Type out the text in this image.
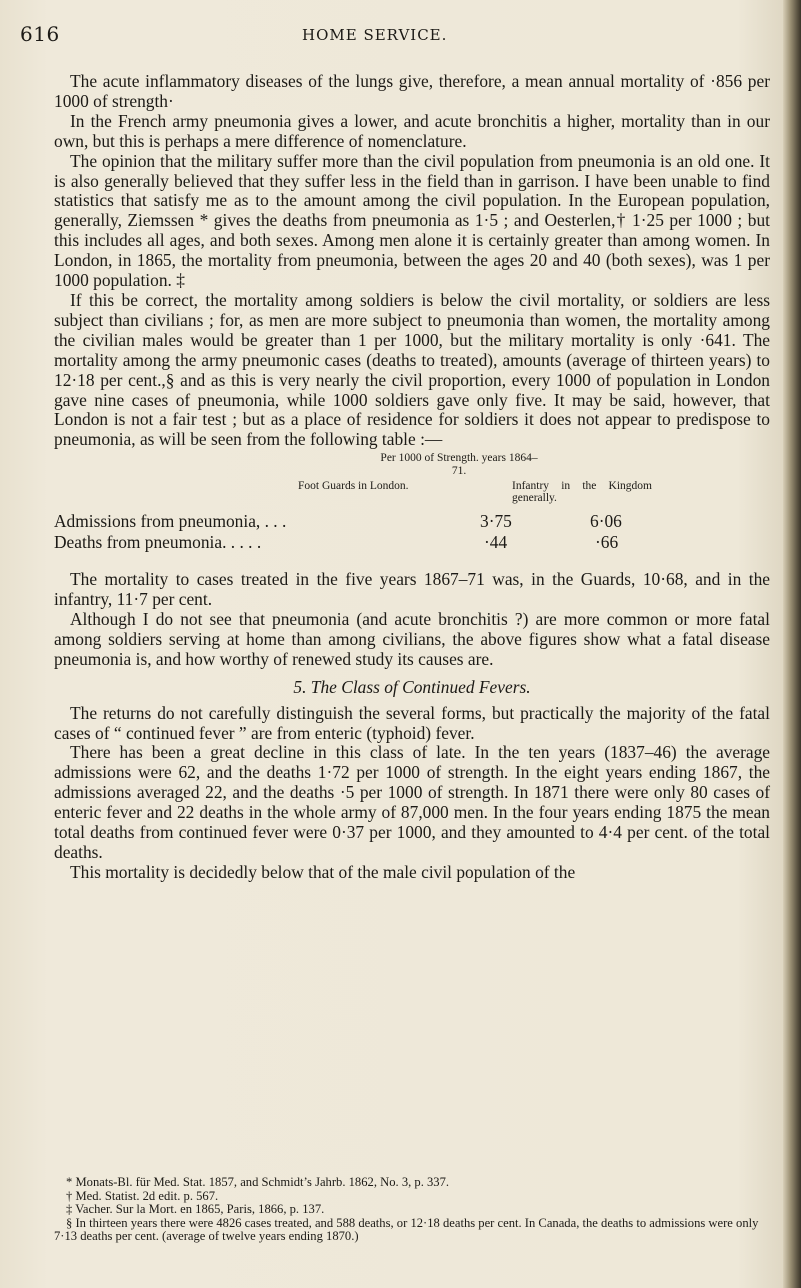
616	HOME SERVICE.

The acute inflammatory diseases of the lungs give, therefore, a mean annual mortality of ·856 per 1000 of strength·

In the French army pneumonia gives a lower, and acute bronchitis a higher, mortality than in our own, but this is perhaps a mere difference of nomenclature.

The opinion that the military suffer more than the civil population from pneumonia is an old one. It is also generally believed that they suffer less in the field than in garrison. I have been unable to find statistics that satisfy me as to the amount among the civil population. In the European population, generally, Ziemssen * gives the deaths from pneumonia as 1·5 ; and Oesterlen,† 1·25 per 1000 ; but this includes all ages, and both sexes. Among men alone it is certainly greater than among women. In London, in 1865, the mortality from pneumonia, between the ages 20 and 40 (both sexes), was 1 per 1000 population. ‡

If this be correct, the mortality among soldiers is below the civil mortality, or soldiers are less subject than civilians ; for, as men are more subject to pneumonia than women, the mortality among the civilian males would be greater than 1 per 1000, but the military mortality is only ·641. The mortality among the army pneumonic cases (deaths to treated), amounts (average of thirteen years) to 12·18 per cent.,§ and as this is very nearly the civil proportion, every 1000 of population in London gave nine cases of pneumonia, while 1000 soldiers gave only five. It may be said, however, that London is not a fair test ; but as a place of residence for soldiers it does not appear to predispose to pneumonia, as will be seen from the following table :—

Per 1000 of Strength. years 1864–71.
Foot Guards in London.	Infantry in the Kingdom generally.
Admissions from pneumonia, . . .	3·75	6·06
Deaths from pneumonia. . . . .	·44	·66

The mortality to cases treated in the five years 1867–71 was, in the Guards, 10·68, and in the infantry, 11·7 per cent.

Although I do not see that pneumonia (and acute bronchitis ?) are more common or more fatal among soldiers serving at home than among civilians, the above figures show what a fatal disease pneumonia is, and how worthy of renewed study its causes are.

5. The Class of Continued Fevers.

The returns do not carefully distinguish the several forms, but practically the majority of the fatal cases of “ continued fever ” are from enteric (typhoid) fever.

There has been a great decline in this class of late. In the ten years (1837–46) the average admissions were 62, and the deaths 1·72 per 1000 of strength. In the eight years ending 1867, the admissions averaged 22, and the deaths ·5 per 1000 of strength. In 1871 there were only 80 cases of enteric fever and 22 deaths in the whole army of 87,000 men. In the four years ending 1875 the mean total deaths from continued fever were 0·37 per 1000, and they amounted to 4·4 per cent. of the total deaths.

This mortality is decidedly below that of the male civil population of the

* Monats-Bl. für Med. Stat. 1857, and Schmidt’s Jahrb. 1862, No. 3, p. 337.
† Med. Statist. 2d edit. p. 567.
‡ Vacher. Sur la Mort. en 1865, Paris, 1866, p. 137.
§ In thirteen years there were 4826 cases treated, and 588 deaths, or 12·18 deaths per cent. In Canada, the deaths to admissions were only 7·13 deaths per cent. (average of twelve years ending 1870.)
